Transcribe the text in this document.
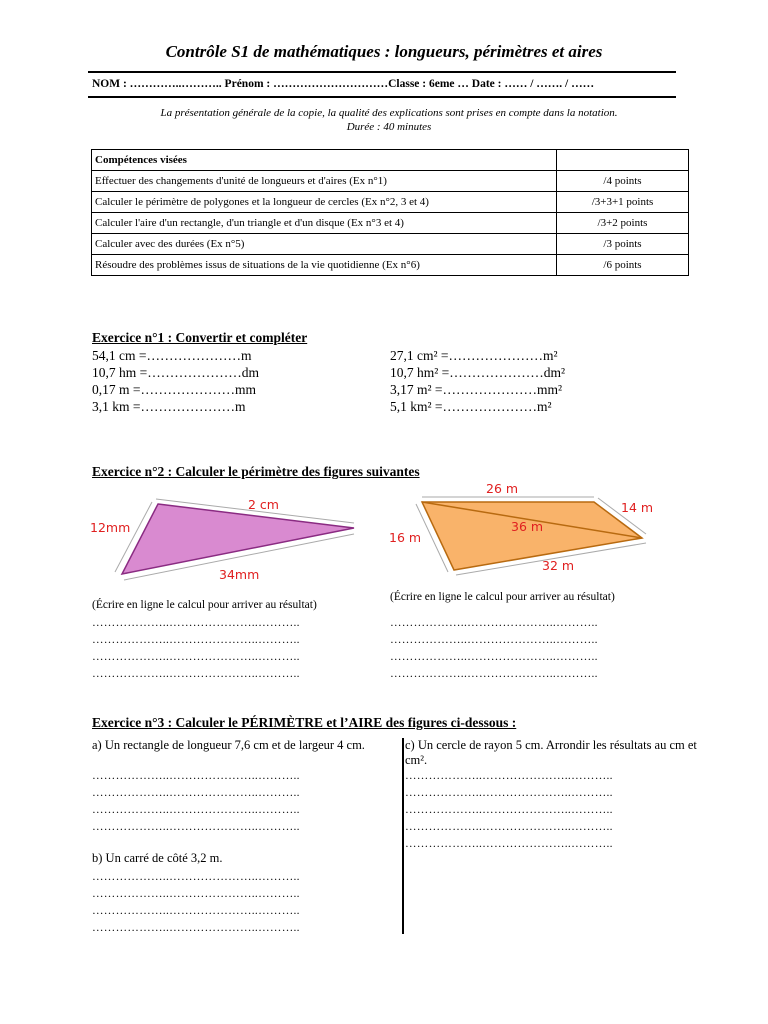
Contrôle S1 de mathématiques : longueurs, périmètres et aires
NOM : …………..……….. Prénom : …………………………Classe : 6eme … Date : …… / ……. / ……
La présentation générale de la copie, la qualité des explications sont prises en compte dans la notation.
Durée : 40 minutes
Compétences visées	
Effectuer des changements d'unité de longueurs et d'aires (Ex n°1)	/4 points
Calculer le périmètre de polygones et la longueur de cercles (Ex n°2, 3 et 4)	/3+3+1 points
Calculer l'aire d'un rectangle, d'un triangle et d'un disque (Ex n°3 et 4)	/3+2 points
Calculer avec des durées (Ex n°5)	/3 points
Résoudre des problèmes issus de situations de la vie quotidienne (Ex n°6)	/6 points
Exercice n°1 : Convertir et compléter
54,1 cm =…………………m
10,7 hm =…………………dm
0,17 m =…………………mm
3,1 km =…………………m
27,1 cm² =…………………m²
10,7 hm² =…………………dm²
3,17 m² =…………………mm²
5,1 km² =…………………m²
Exercice n°2 : Calculer le périmètre des figures suivantes
2 cm
12mm
34mm
26 m
14 m
16 m
36 m
32 m
(Écrire en ligne le calcul pour arriver au résultat)
………………..…………………..………..
………………..…………………..………..
………………..…………………..………..
………………..…………………..………..
(Écrire en ligne le calcul pour arriver au résultat)
………………..…………………..………..
………………..…………………..………..
………………..…………………..………..
………………..…………………..………..
Exercice n°3 : Calculer le PÉRIMÈTRE et l’AIRE des figures ci-dessous :
a) Un rectangle de longueur 7,6 cm et de largeur 4 cm.
………………..…………………..………..
………………..…………………..………..
………………..…………………..………..
………………..…………………..………..
b) Un carré de côté 3,2 m.
………………..…………………..………..
………………..…………………..………..
………………..…………………..………..
………………..…………………..………..
c) Un cercle de rayon 5 cm. Arrondir les résultats au cm et cm².
………………..…………………..………..
………………..…………………..………..
………………..…………………..………..
………………..…………………..………..
………………..…………………..………..
